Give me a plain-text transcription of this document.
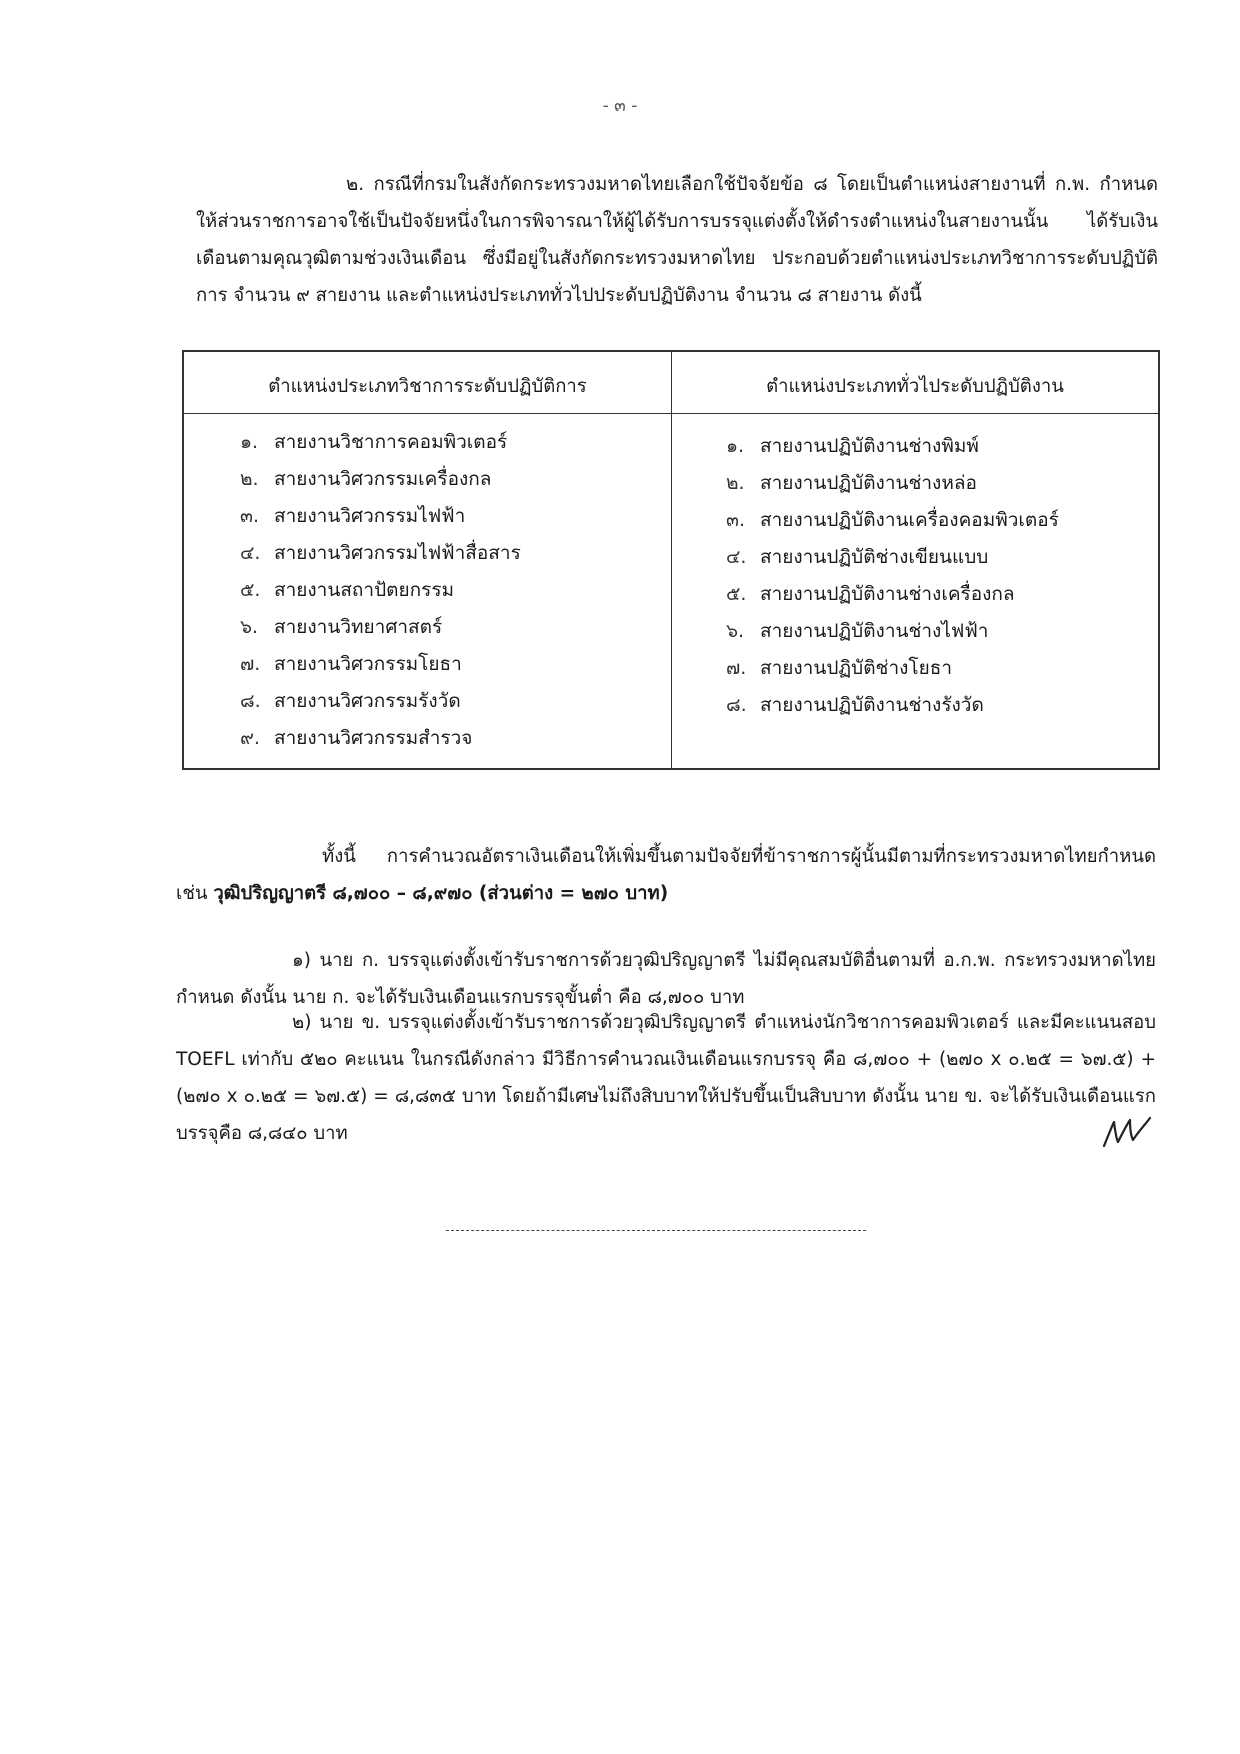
- ๓ -

๒. กรณีที่กรมในสังกัดกระทรวงมหาดไทยเลือกใช้ปัจจัยข้อ ๘ โดยเป็นตำแหน่งสายงานที่ ก.พ. กำหนดให้ส่วนราชการอาจใช้เป็นปัจจัยหนึ่งในการพิจารณาให้ผู้ได้รับการบรรจุแต่งตั้งให้ดำรงตำแหน่งในสายงานนั้น ได้รับเงินเดือนตามคุณวุฒิตามช่วงเงินเดือน ซึ่งมีอยู่ในสังกัดกระทรวงมหาดไทย ประกอบด้วยตำแหน่งประเภทวิชาการระดับปฏิบัติการ จำนวน ๙ สายงาน และตำแหน่งประเภททั่วไปประดับปฏิบัติงาน จำนวน ๘ สายงาน ดังนี้

ตำแหน่งประเภทวิชาการระดับปฏิบัติการ
๑. สายงานวิชาการคอมพิวเตอร์
๒. สายงานวิศวกรรมเครื่องกล
๓. สายงานวิศวกรรมไฟฟ้า
๔. สายงานวิศวกรรมไฟฟ้าสื่อสาร
๕. สายงานสถาปัตยกรรม
๖. สายงานวิทยาศาสตร์
๗. สายงานวิศวกรรมโยธา
๘. สายงานวิศวกรรมรังวัด
๙. สายงานวิศวกรรมสำรวจ
ตำแหน่งประเภททั่วไประดับปฏิบัติงาน
๑. สายงานปฏิบัติงานช่างพิมพ์
๒. สายงานปฏิบัติงานช่างหล่อ
๓. สายงานปฏิบัติงานเครื่องคอมพิวเตอร์
๔. สายงานปฏิบัติช่างเขียนแบบ
๕. สายงานปฏิบัติงานช่างเครื่องกล
๖. สายงานปฏิบัติงานช่างไฟฟ้า
๗. สายงานปฏิบัติช่างโยธา
๘. สายงานปฏิบัติงานช่างรังวัด

ทั้งนี้ การคำนวณอัตราเงินเดือนให้เพิ่มขึ้นตามปัจจัยที่ข้าราชการผู้นั้นมีตามที่กระทรวงมหาดไทยกำหนด เช่น วุฒิปริญญาตรี ๘,๗๐๐ – ๘,๙๗๐ (ส่วนต่าง = ๒๗๐ บาท)

๑) นาย ก. บรรจุแต่งตั้งเข้ารับราชการด้วยวุฒิปริญญาตรี ไม่มีคุณสมบัติอื่นตามที่ อ.ก.พ. กระทรวงมหาดไทยกำหนด ดังนั้น นาย ก. จะได้รับเงินเดือนแรกบรรจุขั้นต่ำ คือ ๘,๗๐๐ บาท

๒) นาย ข. บรรจุแต่งตั้งเข้ารับราชการด้วยวุฒิปริญญาตรี ตำแหน่งนักวิชาการคอมพิวเตอร์ และมีคะแนนสอบ TOEFL เท่ากับ ๕๒๐ คะแนน ในกรณีดังกล่าว มีวิธีการคำนวณเงินเดือนแรกบรรจุ คือ ๘,๗๐๐ + (๒๗๐ x ๐.๒๕ = ๖๗.๕) + (๒๗๐ x ๐.๒๕ = ๖๗.๕) = ๘,๘๓๕ บาท โดยถ้ามีเศษไม่ถึงสิบบาทให้ปรับขึ้นเป็นสิบบาท ดังนั้น นาย ข. จะได้รับเงินเดือนแรกบรรจุคือ ๘,๘๔๐ บาท
